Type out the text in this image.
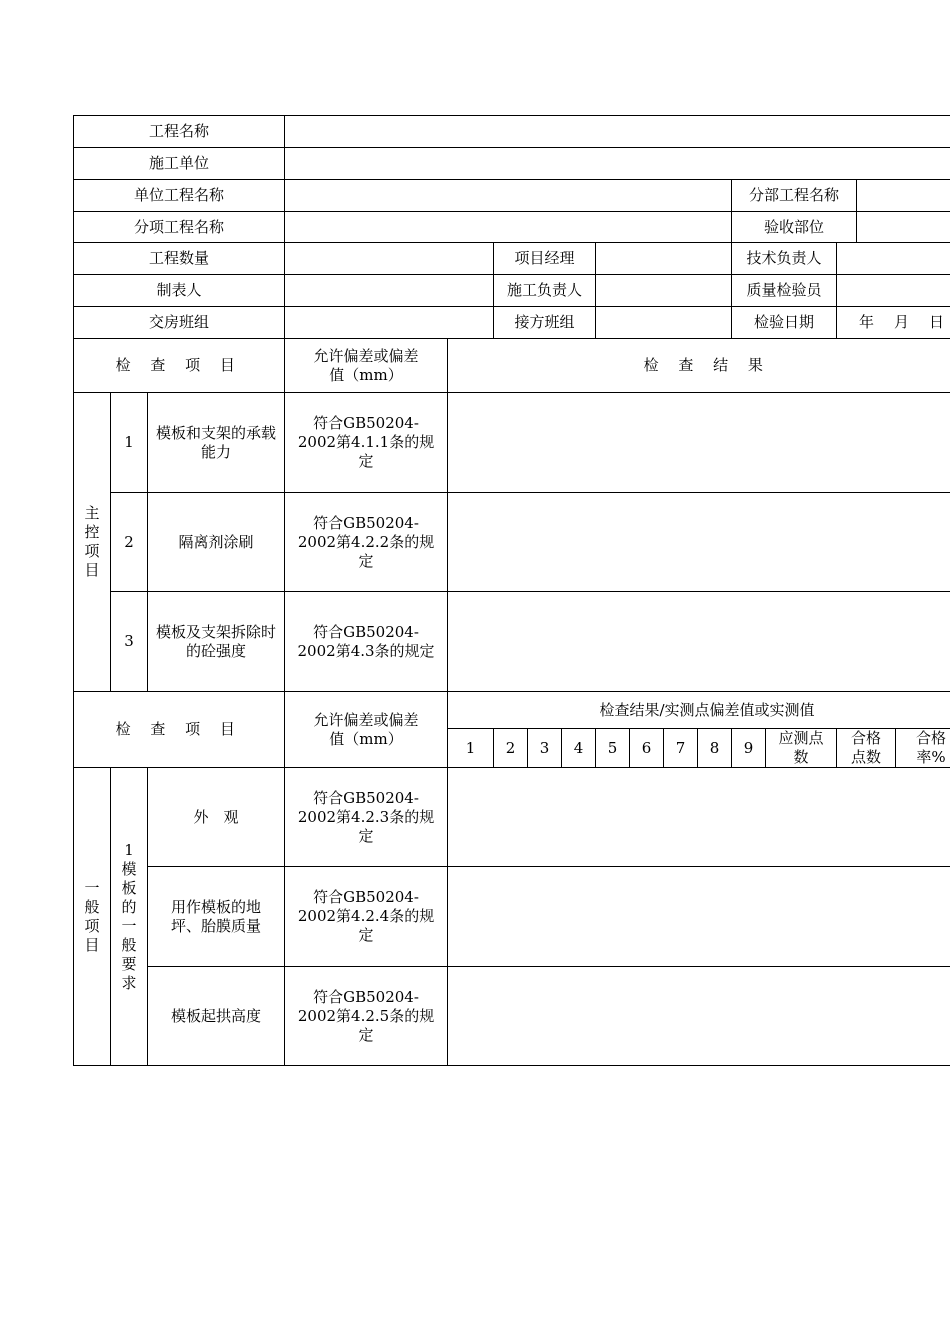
工程名称																
施工单位																
单位工程名称												分部工程名称				
分项工程名称												验收部位				
工程数量					项目经理							技术负责人				
制表人					施工负责人							质量检验员				
交房班组					接方班组							检验日期		年 月 日		
检 查 项 目			允许偏差或偏差值（mm）	检 查 结 果												

主控项目	1	模板和支架的承载能力	符合GB50204-2002第4.1.1条的规定													
	2	隔离剂涂刷	符合GB50204-2002第4.2.2条的规定													
	3	模板及支架拆除时的砼强度	符合GB50204-2002第4.3条的规定													
检 查 项 目			允许偏差或偏差值（mm）	检查结果/实测点偏差值或实测值												
				1	2	3	4	5	6	7	8	9	应测点数	合格点数		合格率%

一般项目	1模板的一般要求	外　观	符合GB50204-2002第4.2.3条的规定													
		用作模板的地坪、胎膜质量	符合GB50204-2002第4.2.4条的规定													
		模板起拱高度	符合GB50204-2002第4.2.5条的规定													
